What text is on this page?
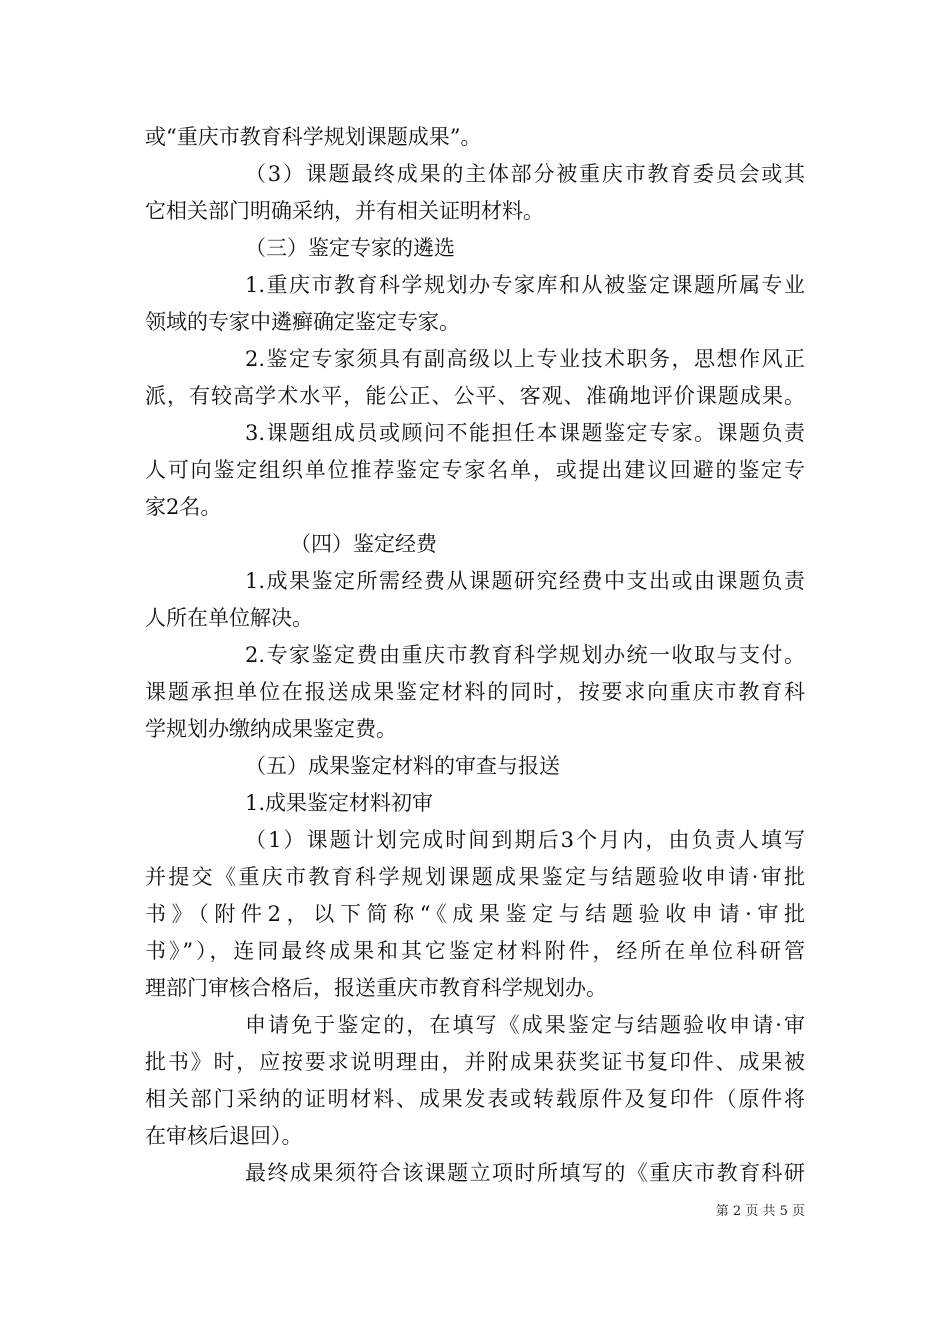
或“重庆市教育科学规划课题成果”。

（3）课题最终成果的主体部分被重庆市教育委员会或其

它相关部门明确采纳，并有相关证明材料。

（三）鉴定专家的遴选

1.重庆市教育科学规划办专家库和从被鉴定课题所属专业

领域的专家中遴癣确定鉴定专家。

2.鉴定专家须具有副高级以上专业技术职务，思想作风正

派，有较高学术水平，能公正、公平、客观、准确地评价课题成果。

3.课题组成员或顾问不能担任本课题鉴定专家。课题负责

人可向鉴定组织单位推荐鉴定专家名单，或提出建议回避的鉴定专

家2名。

（四）鉴定经费

1.成果鉴定所需经费从课题研究经费中支出或由课题负责

人所在单位解决。

2.专家鉴定费由重庆市教育科学规划办统一收取与支付。

课题承担单位在报送成果鉴定材料的同时，按要求向重庆市教育科

学规划办缴纳成果鉴定费。

（五）成果鉴定材料的审查与报送

1.成果鉴定材料初审

（1）课题计划完成时间到期后3个月内，由负责人填写

并提交《重庆市教育科学规划课题成果鉴定与结题验收申请·审批

书》（附件2，以下简称“《成果鉴定与结题验收申请·审批

书》”），连同最终成果和其它鉴定材料附件，经所在单位科研管

理部门审核合格后，报送重庆市教育科学规划办。

申请免于鉴定的，在填写《成果鉴定与结题验收申请·审

批书》时，应按要求说明理由，并附成果获奖证书复印件、成果被

相关部门采纳的证明材料、成果发表或转载原件及复印件（原件将

在审核后退回）。

最终成果须符合该课题立项时所填写的《重庆市教育科研

第 2 页 共 5 页
